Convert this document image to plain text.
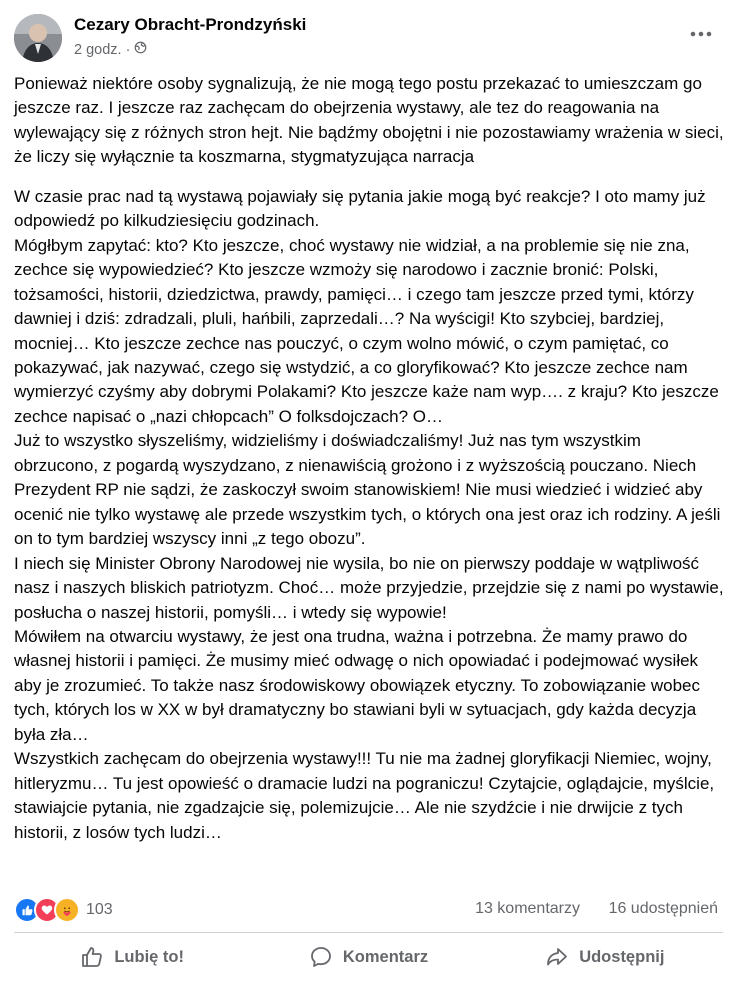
Cezary Obracht-Prondzyński
2 godz. ·

Ponieważ niektóre osoby sygnalizują, że nie mogą tego postu przekazać to umieszczam go jeszcze raz. I jeszcze raz zachęcam do obejrzenia wystawy, ale tez do reagowania na wylewający się z różnych stron hejt. Nie bądźmy obojętni i nie pozostawiamy wrażenia w sieci, że liczy się wyłącznie ta koszmarna, stygmatyzująca narracja

W czasie prac nad tą wystawą pojawiały się pytania jakie mogą być reakcje? I oto mamy już odpowiedź po kilkudziesięciu godzinach.
Mógłbym zapytać: kto? Kto jeszcze, choć wystawy nie widział, a na problemie się nie zna, zechce się wypowiedzieć? Kto jeszcze wzmoży się narodowo i zacznie bronić: Polski, tożsamości, historii, dziedzictwa, prawdy, pamięci… i czego tam jeszcze przed tymi, którzy dawniej i dziś: zdradzali, pluli, hańbili, zaprzedali…? Na wyścigi! Kto szybciej, bardziej, mocniej… Kto jeszcze zechce nas pouczyć, o czym wolno mówić, o czym pamiętać, co pokazywać, jak nazywać, czego się wstydzić, a co gloryfikować? Kto jeszcze zechce nam wymierzyć czyśmy aby dobrymi Polakami? Kto jeszcze każe nam wyp…. z kraju? Kto jeszcze zechce napisać o „nazi chłopcach” O folksdojczach? O…
Już to wszystko słyszeliśmy, widzieliśmy i doświadczaliśmy! Już nas tym wszystkim obrzucono, z pogardą wyszydzano, z nienawiścią grożono i z wyższością pouczano. Niech Prezydent RP nie sądzi, że zaskoczył swoim stanowiskiem! Nie musi wiedzieć i widzieć aby ocenić nie tylko wystawę ale przede wszystkim tych, o których ona jest oraz ich rodziny. A jeśli on to tym bardziej wszyscy inni „z tego obozu”.
I niech się Minister Obrony Narodowej nie wysila, bo nie on pierwszy poddaje w wątpliwość nasz i naszych bliskich patriotyzm. Choć… może przyjedzie, przejdzie się z nami po wystawie, posłucha o naszej historii, pomyśli… i wtedy się wypowie!
Mówiłem na otwarciu wystawy, że jest ona trudna, ważna i potrzebna. Że mamy prawo do własnej historii i pamięci. Że musimy mieć odwagę o nich opowiadać i podejmować wysiłek aby je zrozumieć. To także nasz środowiskowy obowiązek etyczny. To zobowiązanie wobec tych, których los w XX w był dramatyczny bo stawiani byli w sytuacjach, gdy każda decyzja była zła…
Wszystkich zachęcam do obejrzenia wystawy!!! Tu nie ma żadnej gloryfikacji Niemiec, wojny, hitleryzmu… Tu jest opowieść o dramacie ludzi na pograniczu! Czytajcie, oglądajcie, myślcie, stawiajcie pytania, nie zgadzajcie się, polemizujcie… Ale nie szydźcie i nie drwijcie z tych historii, z losów tych ludzi…

103	13 komentarzy 16 udostępnień
Lubię to!	Komentarz	Udostępnij
